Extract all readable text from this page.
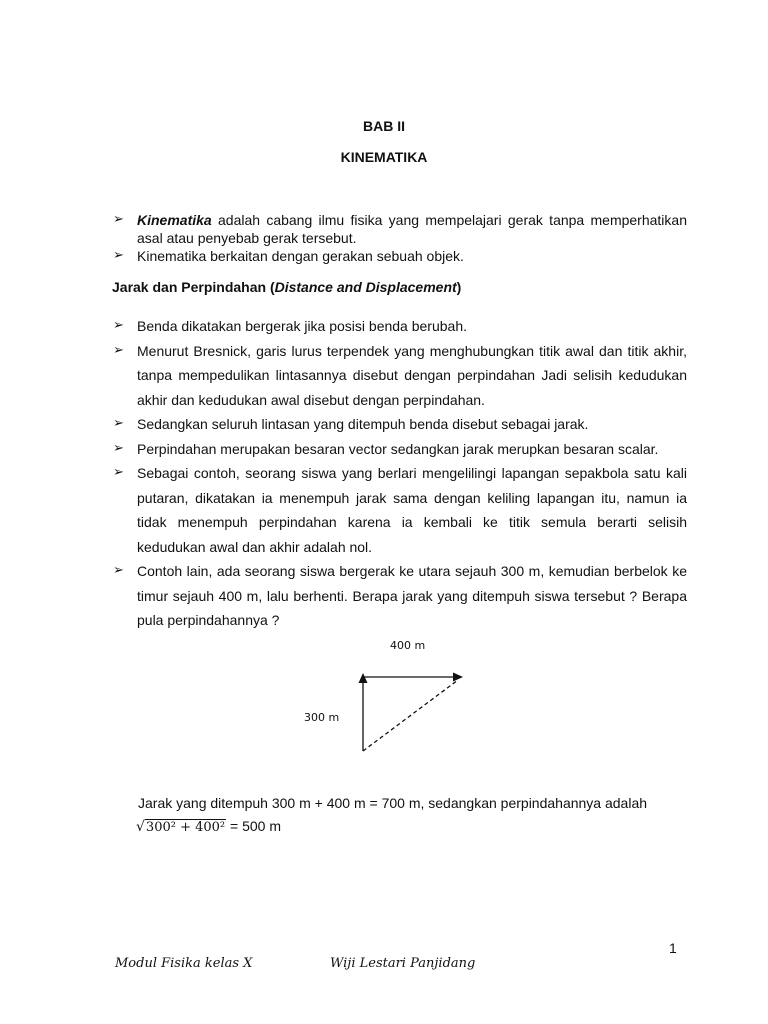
BAB II
KINEMATIKA
➢ Kinematika adalah cabang ilmu fisika yang mempelajari gerak tanpa memperhatikan asal atau penyebab gerak tersebut.
➢ Kinematika berkaitan dengan gerakan sebuah objek.
Jarak dan Perpindahan (Distance and Displacement)
➢ Benda dikatakan bergerak jika posisi benda berubah.
➢ Menurut Bresnick, garis lurus terpendek yang menghubungkan titik awal dan titik akhir, tanpa mempedulikan lintasannya disebut dengan perpindahan Jadi selisih kedudukan akhir dan kedudukan awal disebut dengan perpindahan.
➢ Sedangkan seluruh lintasan yang ditempuh benda disebut sebagai jarak.
➢ Perpindahan merupakan besaran vector sedangkan jarak merupkan besaran scalar.
➢ Sebagai contoh, seorang siswa yang berlari mengelilingi lapangan sepakbola satu kali putaran, dikatakan ia menempuh jarak sama dengan keliling lapangan itu, namun ia tidak menempuh perpindahan karena ia kembali ke titik semula berarti selisih kedudukan awal dan akhir adalah nol.
➢ Contoh lain, ada seorang siswa bergerak ke utara sejauh 300 m, kemudian berbelok ke timur sejauh 400 m, lalu berhenti. Berapa jarak yang ditempuh siswa tersebut ? Berapa pula perpindahannya ?
400 m
300 m
Jarak yang ditempuh 300 m + 400 m = 700 m, sedangkan perpindahannya adalah
√300² + 400² = 500 m
1
Modul Fisika kelas X	Wiji Lestari Panjidang
